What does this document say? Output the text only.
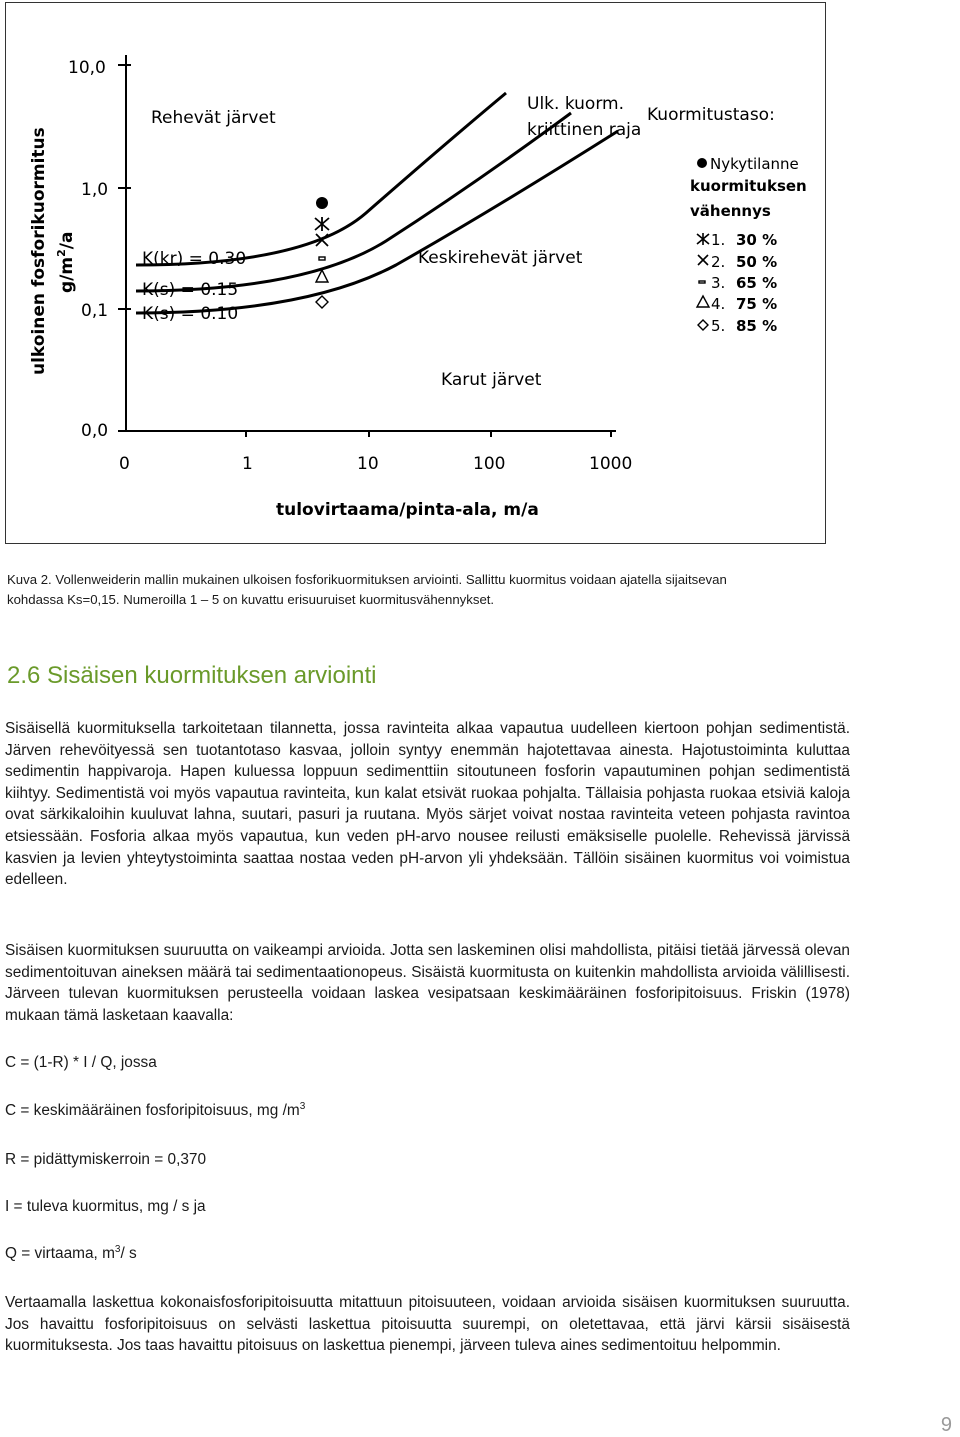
10,0
1,0
0,1
0,0
0	1	10	100	1000
tulovirtaama/pinta-ala, m/a
ulkoinen fosforikuormitus $g/m^2/a$
Rehevät järvet
Keskirehevät järvet
Karut järvet
Ulk. kuorm.
kriittinen raja
K(kr) = 0.30
K(s) = 0.15
K(s) = 0.10
Kuormitustaso:
Nykytilanne
kuormituksen
vähennys
1.
2.
3.
4.
5.
30 %
50 %
65 %
75 %
85 %
Kuva 2. Vollenweiderin mallin mukainen ulkoisen fosforikuormituksen arviointi. Sallittu kuormitus voidaan ajatella sijaitsevan
kohdassa Ks=0,15. Numeroilla 1 – 5 on kuvattu erisuuruiset kuormitusvähennykset.
2.6 Sisäisen kuormituksen arviointi

Sisäisellä kuormituksella tarkoitetaan tilannetta, jossa ravinteita alkaa vapautua uudelleen kiertoon pohjan sedimentistä. Järven rehevöityessä sen tuotantotaso kasvaa, jolloin syntyy enemmän hajotettavaa ainesta. Hajotustoiminta kuluttaa sedimentin happivaroja. Hapen kuluessa loppuun sedimenttiin sitoutuneen fosforin vapautuminen pohjan sedimentistä kiihtyy. Sedimentistä voi myös vapautua ravinteita, kun kalat etsivät ruokaa pohjalta. Tällaisia pohjasta ruokaa etsiviä kaloja ovat särkikaloihin kuuluvat lahna, suutari, pasuri ja ruutana. Myös särjet voivat nostaa ravinteita veteen pohjasta ravintoa etsiessään. Fosforia alkaa myös vapautua, kun veden pH-arvo nousee reilusti emäksiselle puolelle. Rehevissä järvissä kasvien ja levien yhteytystoiminta saattaa nostaa veden pH-arvon yli yhdeksään. Tällöin sisäinen kuormitus voi voimistua edelleen.

Sisäisen kuormituksen suuruutta on vaikeampi arvioida. Jotta sen laskeminen olisi mahdollista, pitäisi tietää järvessä olevan sedimentoituvan aineksen määrä tai sedimentaationopeus. Sisäistä kuormitusta on kuitenkin mahdollista arvioida välillisesti. Järveen tulevan kuormituksen perusteella voidaan laskea vesipatsaan keskimääräinen fosforipitoisuus. Friskin (1978) mukaan tämä lasketaan kaavalla:

C = (1-R) * I / Q, jossa

C = keskimääräinen fosforipitoisuus, mg $/m^3$

R = pidättymiskerroin = 0,370

I = tuleva kuormitus, mg / s ja

Q = virtaama, $m^3/$ s

Vertaamalla laskettua kokonaisfosforipitoisuutta mitattuun pitoisuuteen, voidaan arvioida sisäisen kuormituksen suuruutta. Jos havaittu fosforipitoisuus on selvästi laskettua pitoisuutta suurempi, on oletettavaa, että järvi kärsii sisäisestä kuormituksesta. Jos taas havaittu pitoisuus on laskettua pienempi, järveen tuleva aines sedimentoituu helpommin.

9
